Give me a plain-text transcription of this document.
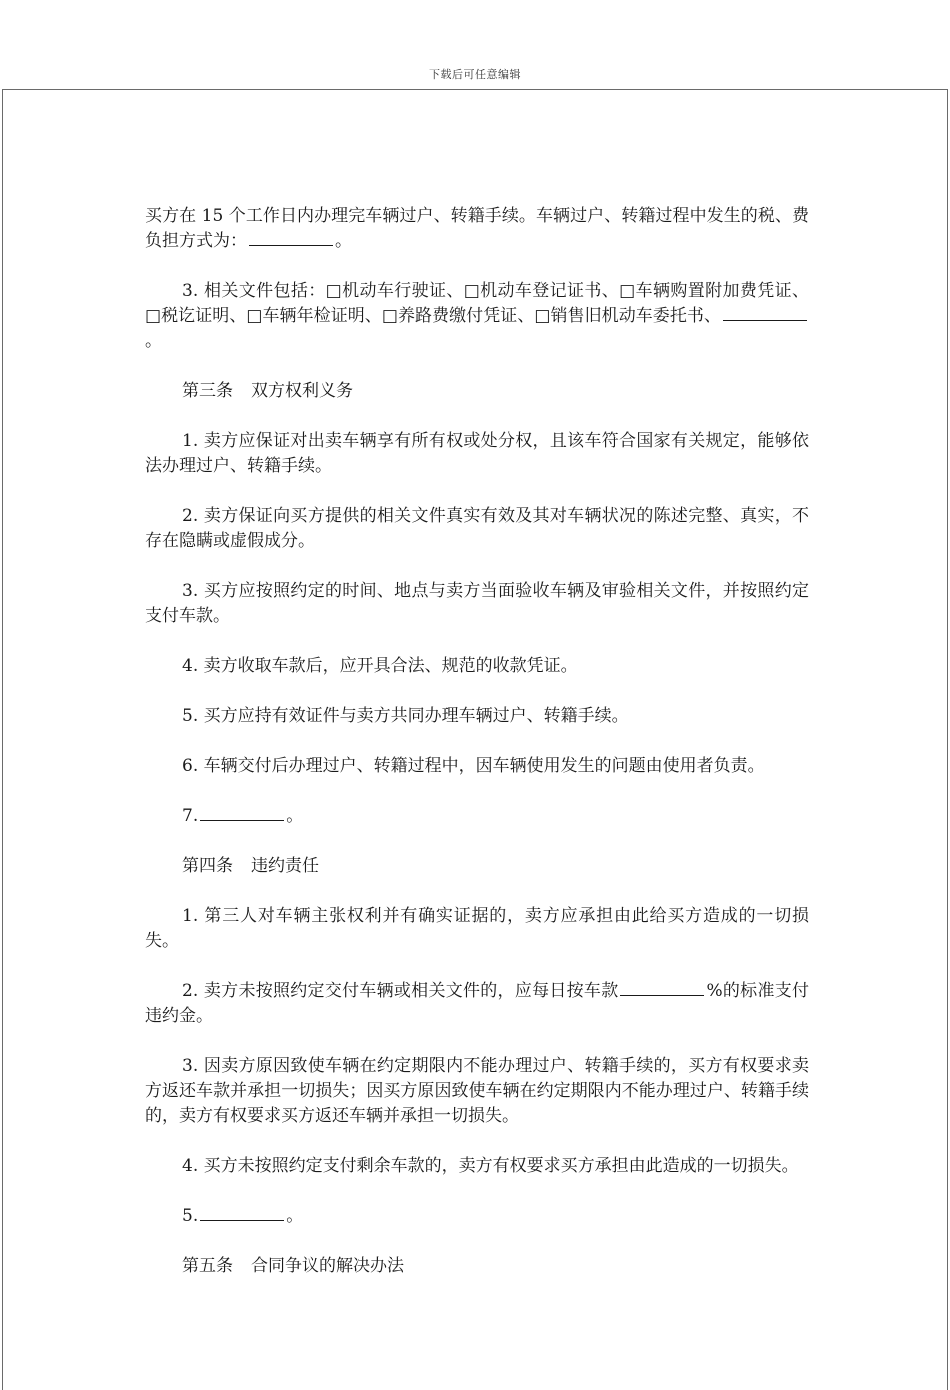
下载后可任意编辑

买方在 15 个工作日内办理完车辆过户、转籍手续。车辆过户、转籍过程中发生的税、费负担方式为：	。

3. 相关文件包括：□机动车行驶证、□机动车登记证书、□车辆购置附加费凭证、□税讫证明、□车辆年检证明、□养路费缴付凭证、□销售旧机动车委托书、。

第三条 双方权利义务

1. 卖方应保证对出卖车辆享有所有权或处分权，且该车符合国家有关规定，能够依法办理过户、转籍手续。

2. 卖方保证向买方提供的相关文件真实有效及其对车辆状况的陈述完整、真实，不存在隐瞒或虚假成分。

3. 买方应按照约定的时间、地点与卖方当面验收车辆及审验相关文件，并按照约定支付车款。

4. 卖方收取车款后，应开具合法、规范的收款凭证。

5. 买方应持有效证件与卖方共同办理车辆过户、转籍手续。

6. 车辆交付后办理过户、转籍过程中，因车辆使用发生的问题由使用者负责。

7.	。

第四条 违约责任

1. 第三人对车辆主张权利并有确实证据的，卖方应承担由此给买方造成的一切损失。

2. 卖方未按照约定交付车辆或相关文件的，应每日按车款	%的标准支付违约金。

3. 因卖方原因致使车辆在约定期限内不能办理过户、转籍手续的，买方有权要求卖方返还车款并承担一切损失；因买方原因致使车辆在约定期限内不能办理过户、转籍手续的，卖方有权要求买方返还车辆并承担一切损失。

4. 买方未按照约定支付剩余车款的，卖方有权要求买方承担由此造成的一切损失。

5.	。

第五条 合同争议的解决办法
